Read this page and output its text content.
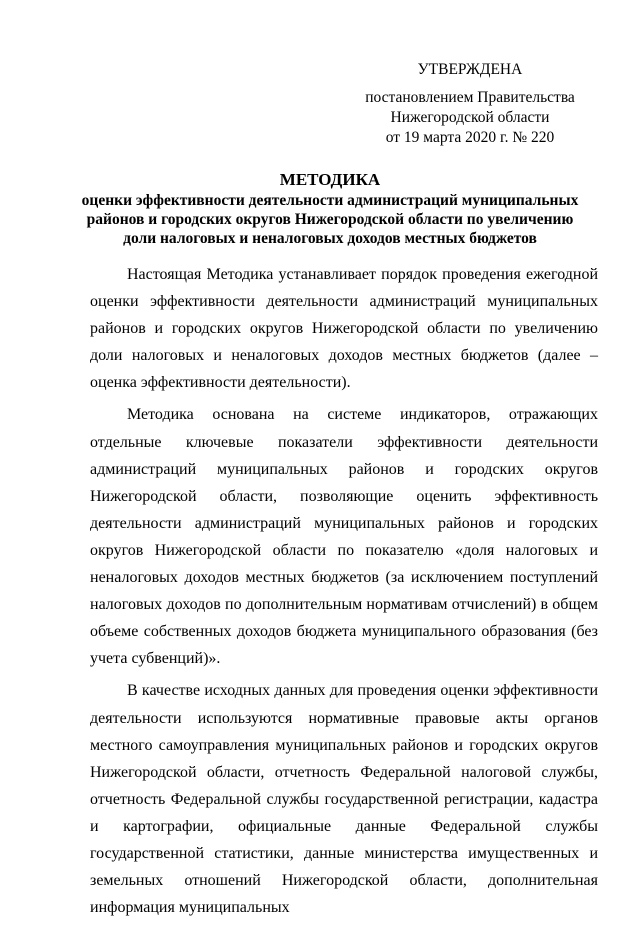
УТВЕРЖДЕНА
постановлением Правительства
Нижегородской области
от 19 марта 2020 г. № 220
МЕТОДИКА
оценки эффективности деятельности администраций муниципальных
районов и городских округов Нижегородской области по увеличению
доли налоговых и неналоговых доходов местных бюджетов

Настоящая Методика устанавливает порядок проведения ежегодной оценки эффективности деятельности администраций муниципальных районов и городских округов Нижегородской области по увеличению доли налоговых и неналоговых доходов местных бюджетов (далее – оценка эффективности деятельности).

Методика основана на системе индикаторов, отражающих отдельные ключевые показатели эффективности деятельности администраций муниципальных районов и городских округов Нижегородской области, позволяющие оценить эффективность деятельности администраций муниципальных районов и городских округов Нижегородской области по показателю «доля налоговых и неналоговых доходов местных бюджетов (за исключением поступлений налоговых доходов по дополнительным нормативам отчислений) в общем объеме собственных доходов бюджета муниципального образования (без учета субвенций)».

В качестве исходных данных для проведения оценки эффективности деятельности используются нормативные правовые акты органов местного самоуправления муниципальных районов и городских округов Нижегородской области, отчетность Федеральной налоговой службы, отчетность Федеральной службы государственной регистрации, кадастра и картографии, официальные данные Федеральной службы государственной статистики, данные министерства имущественных и земельных отношений Нижегородской области, дополнительная информация муниципальных
